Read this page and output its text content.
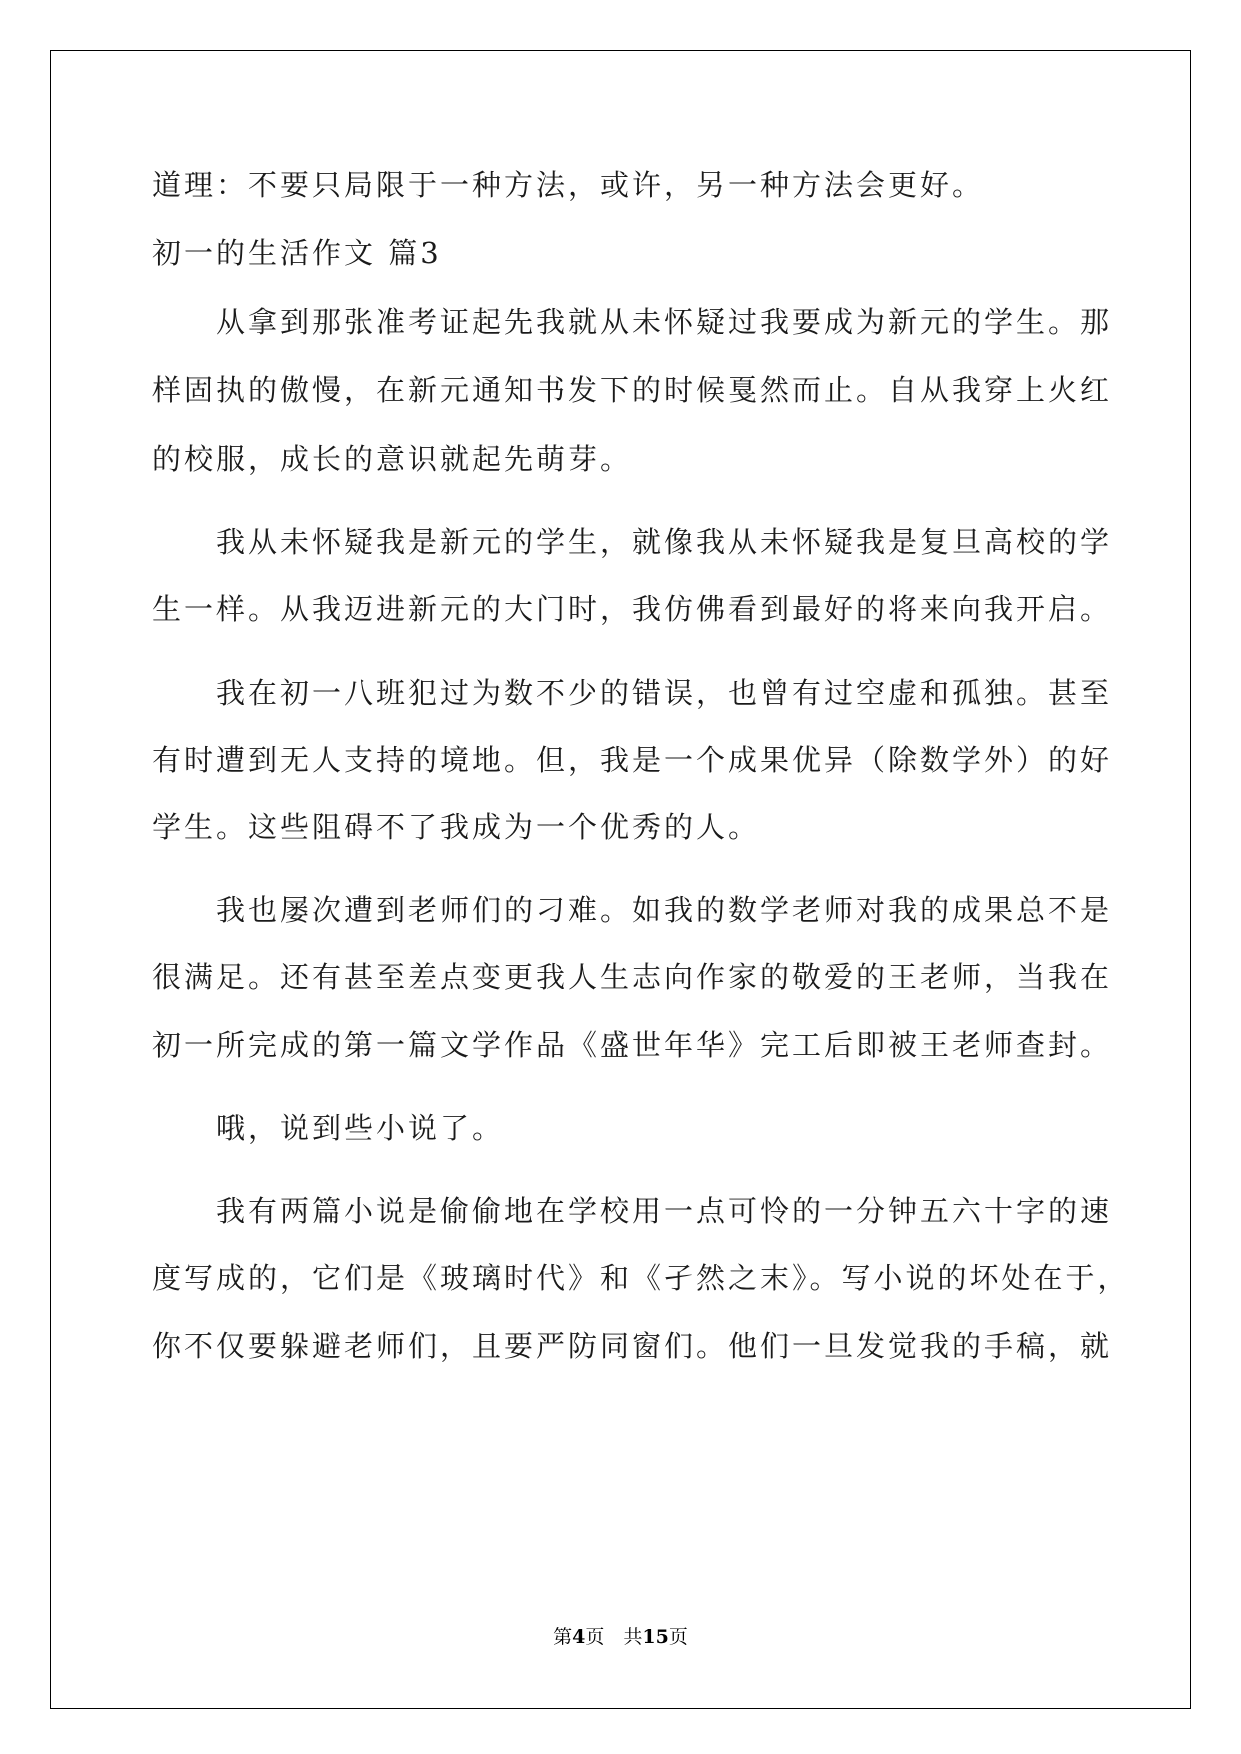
道理：不要只局限于一种方法，或许，另一种方法会更好。
初一的生活作文 篇3
　　从拿到那张准考证起先我就从未怀疑过我要成为新元的学生。那
样固执的傲慢，在新元通知书发下的时候戛然而止。自从我穿上火红
的校服，成长的意识就起先萌芽。
　　我从未怀疑我是新元的学生，就像我从未怀疑我是复旦高校的学
生一样。从我迈进新元的大门时，我仿佛看到最好的将来向我开启。
　　我在初一八班犯过为数不少的错误，也曾有过空虚和孤独。甚至
有时遭到无人支持的境地。但，我是一个成果优异（除数学外）的好
学生。这些阻碍不了我成为一个优秀的人。
　　我也屡次遭到老师们的刁难。如我的数学老师对我的成果总不是
很满足。还有甚至差点变更我人生志向作家的敬爱的王老师，当我在
初一所完成的第一篇文学作品《盛世年华》完工后即被王老师查封。
　　哦，说到些小说了。
　　我有两篇小说是偷偷地在学校用一点可怜的一分钟五六十字的速
度写成的，它们是《玻璃时代》和《孑然之末》。写小说的坏处在于，
你不仅要躲避老师们，且要严防同窗们。他们一旦发觉我的手稿，就
第4页　共15页
